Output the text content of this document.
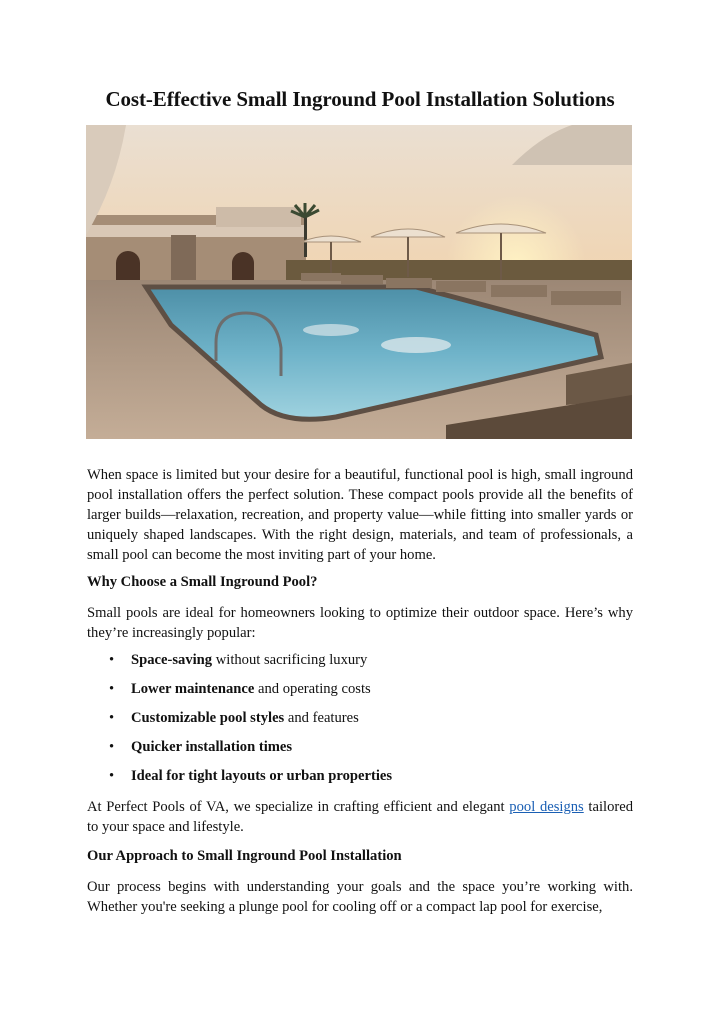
Cost-Effective Small Inground Pool Installation Solutions

When space is limited but your desire for a beautiful, functional pool is high, small inground pool installation offers the perfect solution. These compact pools provide all the benefits of larger builds—relaxation, recreation, and property value—while fitting into smaller yards or uniquely shaped landscapes. With the right design, materials, and team of professionals, a small pool can become the most inviting part of your home.

Why Choose a Small Inground Pool?

Small pools are ideal for homeowners looking to optimize their outdoor space. Here’s why they’re increasingly popular:

• Space-saving without sacrificing luxury
• Lower maintenance and operating costs
• Customizable pool styles and features
• Quicker installation times
• Ideal for tight layouts or urban properties

At Perfect Pools of VA, we specialize in crafting efficient and elegant pool designs tailored to your space and lifestyle.

Our Approach to Small Inground Pool Installation

Our process begins with understanding your goals and the space you’re working with. Whether you're seeking a plunge pool for cooling off or a compact lap pool for exercise,
